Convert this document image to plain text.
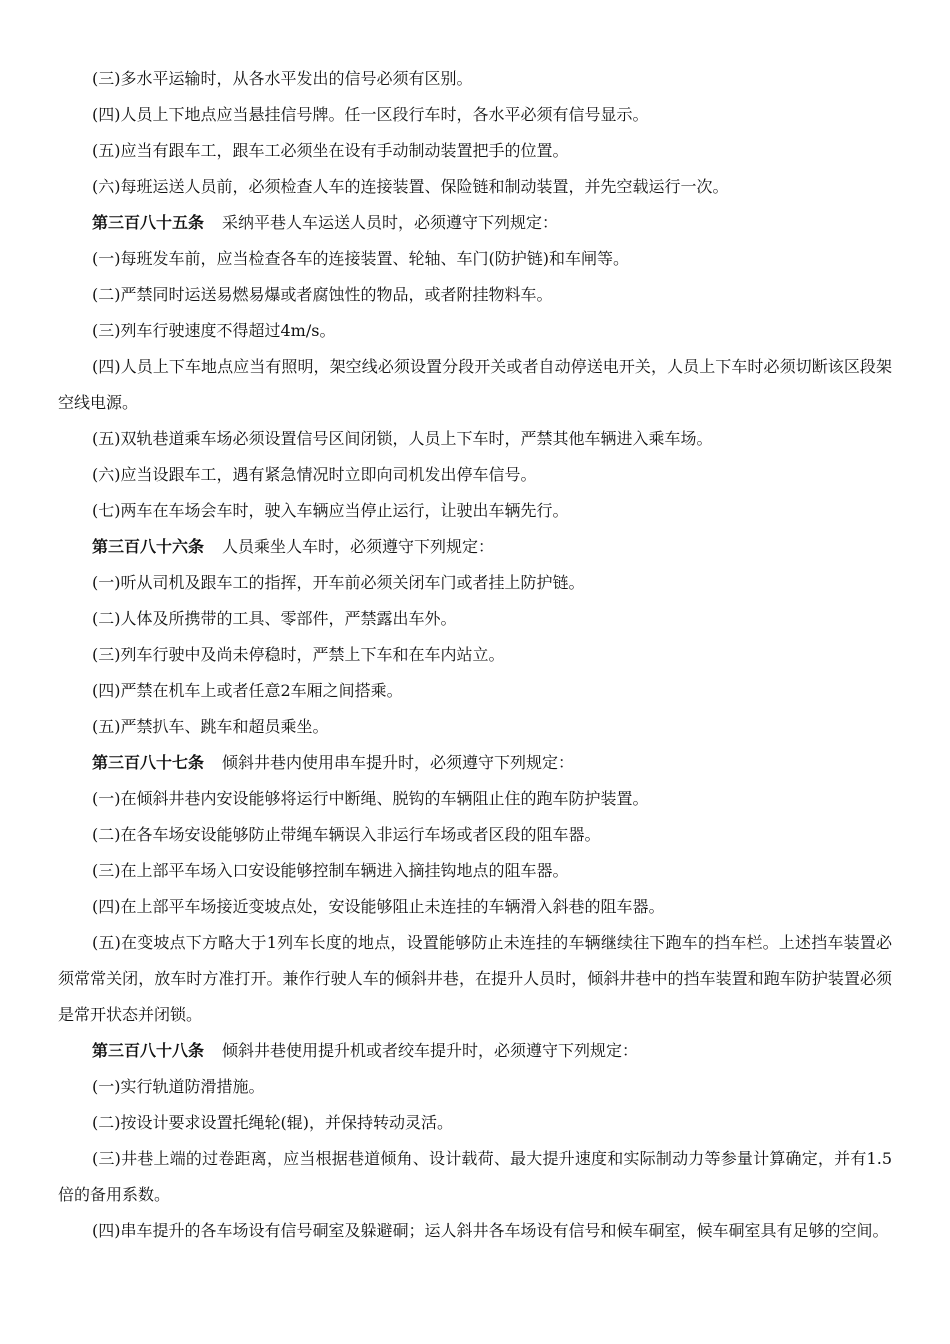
(三)多水平运输时，从各水平发出的信号必须有区别。

(四)人员上下地点应当悬挂信号牌。任一区段行车时，各水平必须有信号显示。

(五)应当有跟车工，跟车工必须坐在设有手动制动装置把手的位置。

(六)每班运送人员前，必须检查人车的连接装置、保险链和制动装置，并先空载运行一次。

第三百八十五条 采纳平巷人车运送人员时，必须遵守下列规定：

(一)每班发车前，应当检查各车的连接装置、轮轴、车门(防护链)和车闸等。

(二)严禁同时运送易燃易爆或者腐蚀性的物品，或者附挂物料车。

(三)列车行驶速度不得超过4m/s。

(四)人员上下车地点应当有照明，架空线必须设置分段开关或者自动停送电开关，人员上下车时必须切断该区段架空线电源。

(五)双轨巷道乘车场必须设置信号区间闭锁，人员上下车时，严禁其他车辆进入乘车场。

(六)应当设跟车工，遇有紧急情况时立即向司机发出停车信号。

(七)两车在车场会车时，驶入车辆应当停止运行，让驶出车辆先行。

第三百八十六条 人员乘坐人车时，必须遵守下列规定：

(一)听从司机及跟车工的指挥，开车前必须关闭车门或者挂上防护链。

(二)人体及所携带的工具、零部件，严禁露出车外。

(三)列车行驶中及尚未停稳时，严禁上下车和在车内站立。

(四)严禁在机车上或者任意2车厢之间搭乘。

(五)严禁扒车、跳车和超员乘坐。

第三百八十七条 倾斜井巷内使用串车提升时，必须遵守下列规定：

(一)在倾斜井巷内安设能够将运行中断绳、脱钩的车辆阻止住的跑车防护装置。

(二)在各车场安设能够防止带绳车辆误入非运行车场或者区段的阻车器。

(三)在上部平车场入口安设能够控制车辆进入摘挂钩地点的阻车器。

(四)在上部平车场接近变坡点处，安设能够阻止未连挂的车辆滑入斜巷的阻车器。

(五)在变坡点下方略大于1列车长度的地点，设置能够防止未连挂的车辆继续往下跑车的挡车栏。上述挡车装置必须常常关闭，放车时方准打开。兼作行驶人车的倾斜井巷，在提升人员时，倾斜井巷中的挡车装置和跑车防护装置必须是常开状态并闭锁。

第三百八十八条 倾斜井巷使用提升机或者绞车提升时，必须遵守下列规定：

(一)实行轨道防滑措施。

(二)按设计要求设置托绳轮(辊)，并保持转动灵活。

(三)井巷上端的过卷距离，应当根据巷道倾角、设计载荷、最大提升速度和实际制动力等参量计算确定，并有1.5倍的备用系数。

(四)串车提升的各车场设有信号硐室及躲避硐；运人斜井各车场设有信号和候车硐室，候车硐室具有足够的空间。
